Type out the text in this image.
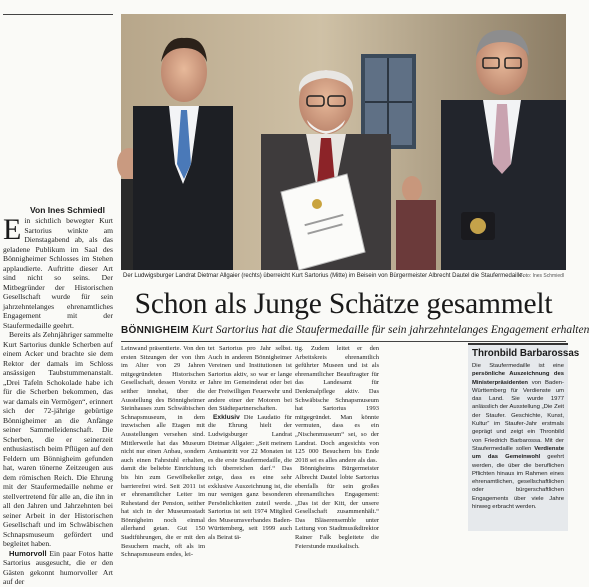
Von Ines Schmiedl

Ein sichtlich bewegter Kurt Sartorius winkte am Dienstagabend ab, als das geladene Publikum im Saal des Bönnigheimer Schlosses im Stehen applaudierte. Auftritte dieser Art sind nicht so seins. Der Mitbegründer der Historischen Gesellschaft wurde für sein jahrzehntelanges ehrenamtliches Engagement mit der Staufermedaille geehrt.

Bereits als Zehnjähriger sammelte Kurt Sartorius dunkle Scherben auf einem Acker und brachte sie dem Rektor der damals im Schloss ansässigen Taubstummenanstalt. „Drei Tafeln Schokolade habe ich für die Scherben bekommen, das war damals ein Vermögen“, erinnert sich der 72-jährige gebürtige Bönnigheimer an die Anfänge seiner Sammelleidenschaft. Die Scherben, die er seinerzeit enthusiastisch beim Pflügen auf den Feldern um Bönnigheim gefunden hat, waren tönerne Zeitzeugen aus dem römischen Reich. Die Ehrung mit der Staufermedaille nehme er stellvertretend für alle an, die ihn in all den Jahren und Jahrzehnten bei seiner Arbeit in der Historischen Gesellschaft und im Schwäbischen Schnapsmuseum gefördert und begleitet haben.

Humorvoll Ein paar Fotos hatte Sartorius ausgesucht, die er den Gästen gekonnt humorvoller Art auf der

Der Ludwigsburger Landrat Dietmar Allgaier (rechts) überreicht Kurt Sartorius (Mitte) im Beisein von Bürgermeister Albrecht Dautel die Staufermedaille.
Foto: Ines Schmiedl
Schon als Junge Schätze gesammelt
BÖNNIGHEIM Kurt Sartorius hat die Staufermedaille für sein jahrzehntelanges Engagement erhalten

Leinwand präsentierte. Von den ersten Sitzungen der von ihm im Alter von 29 Jahren mitgegründeten Historischen Gesellschaft, dessen Vorsitz er seither innehat, über die Ausstellung des Bönnigheimer Steinhauses zum Schwäbischen Schnapsmuseum, in dem inzwischen alle Etagen mit Ausstellungen versehen sind. Mittlerweile hat das Museum nicht nur einen Anbau, sondern auch einen Fahrstuhl erhalten, damit die beliebte Einrichtung bis hin zum Gewölbekeller barrierefrei wird. Seit 2011 ist er ehrenamtlicher Leiter im Ruhestand der Pension, seither hat sich in der Museumsstadt Bönnigheim noch einmal allerhand getan. Gut 150 Stadtführungen, die er mit den Besuchern macht, oft als im Schnapsmuseum endes, lei-

tet Sartorius pro Jahr selbst. Auch in anderen Bönnigheimer Vereinen und Institutionen ist Sartorius aktiv, so war er lange Jahre im Gemeinderat oder bei der Freiwilligen Feuerwehr und andere einer der Motoren bei den Städtepartnerschaften.

Exklusiv Die Laudatio für die Ehrung hielt der Ludwigsburger Landrat Dietmar Allgaier: „Seit meinem Amtsantritt vor 22 Monaten ist es die erste Staufermedaille, die ich überreichen darf.“ Das zeige, dass es eine sehr exklusive Auszeichnung ist, die nur wenigen ganz besonderen Persönlichkeiten zuteil werde. Sartorius ist seit 1974 Mitglied des Museumsverbandes Baden-Württemberg, seit 1999 auch als Beirat tä-

tig. Zudem leitet er den Arbeitskreis ehrenamtlich geführter Museen und ist als ehrenamtlicher Beauftragter für das Landesamt für Denkmalpflege aktiv. Das Schwäbische Schnapsmuseum hat Sartorius 1993 mitgegründet. Man könnte vermuten, dass es ein „Nischenmuseum“ sei, so der Landrat. Doch angesichts von 125 000 Besuchern bis Ende 2018 sei es alles andere als das.

Bönnigheims Bürgermeister Albrecht Dautel lobte Sartorius ebenfalls für sein großes ehrenamtliches Engagement: „Das ist der Kitt, der unsere Gesellschaft zusammenhält.“ Das Bläserensemble unter Leitung von Stadtmusikdirektor Rainer Falk begleitete die Feierstunde musikalisch.

Thronbild Barbarossas
Die Staufermedaille ist eine persönliche Auszeichnung des Ministerpräsidenten von Baden-Württemberg für Verdienste um das Land. Sie wurde 1977 anlässlich der Ausstellung „Die Zeit der Staufer. Geschichte, Kunst, Kultur“ im Staufer-Jahr erstmals geprägt und zeigt ein Thronbild von Friedrich Barbarossa. Mit der Staufermedaille sollen Verdienste um das Gemeinwohl geehrt werden, die über die beruflichen Pflichten hinaus im Rahmen eines ehrenamtlichen, gesellschaftlichen oder bürgerschaftlichen Engagements über viele Jahre hinweg erbracht werden.
